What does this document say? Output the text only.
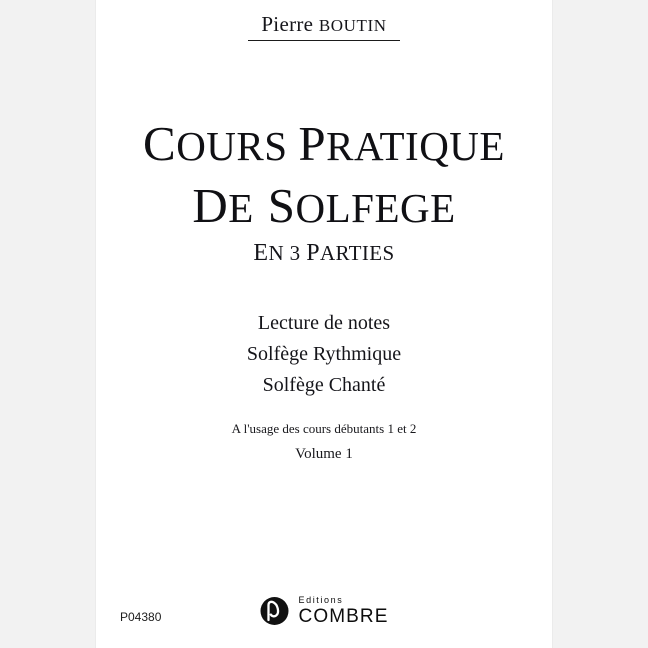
Pierre BOUTIN
COURS PRATIQUE
DE SOLFEGE
EN 3 PARTIES
Lecture de notes
Solfège Rythmique
Solfège Chanté
A l'usage des cours débutants 1 et 2
Volume 1
P04380
Editions
COMBRE
